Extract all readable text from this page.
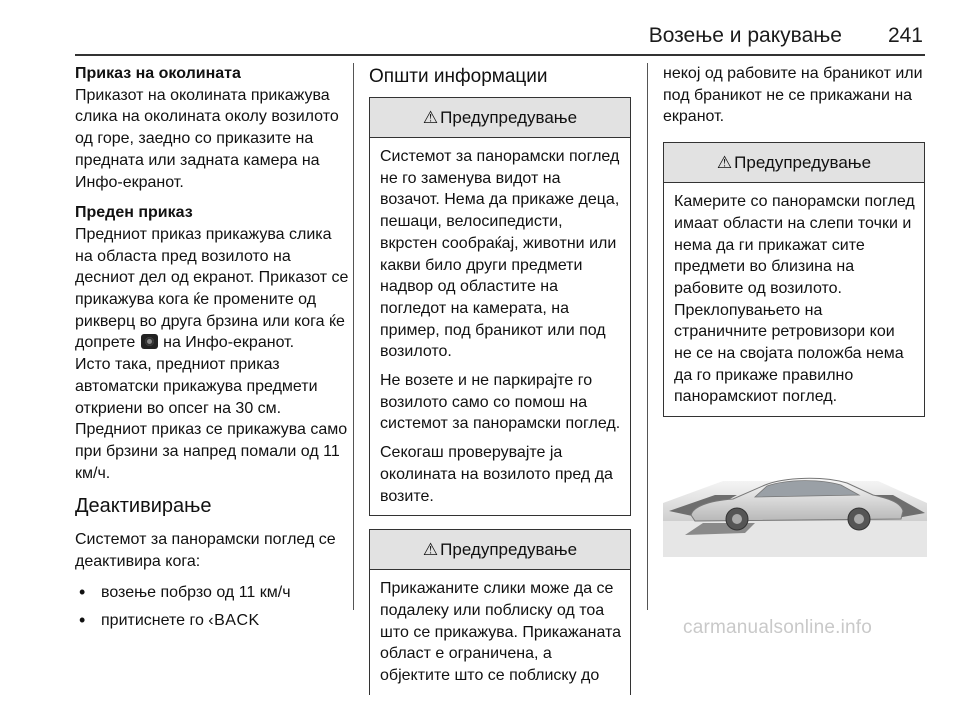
Возење и ракување 241
Приказ на околината
Приказот на околината прикажува слика на околината околу возилото од горе, заедно со приказите на предната или задната камера на Инфо-екранот.
Преден приказ
Предниот приказ прикажува слика на областа пред возилото на десниот дел од екранот. Приказот се прикажува кога ќе промените од рикверц во друга брзина или кога ќе допрете на Инфо-екранот.
Исто така, предниот приказ автоматски прикажува предмети откриени во опсег на 30 см.
Предниот приказ се прикажува само при брзини за напред помали од 11 км/ч.
Деактивирање
Системот за панорамски поглед се деактивира кога:
• возење побрзо од 11 км/ч
• притиснете го ‹BACK
Општи информации
⚠ Предупредување
Системот за панорамски поглед не го заменува видот на возачот. Нема да прикаже деца, пешаци, велосипедисти, вкрстен сообраќај, животни или какви било други предмети надвор од областите на погледот на камерата, на пример, под браникот или под возилото.
Не возете и не паркирајте го возилото само со помош на системот за панорамски поглед.
Секогаш проверувајте ја околината на возилото пред да возите.
⚠ Предупредување
Прикажаните слики може да се подалеку или поблиску од тоа што се прикажува. Прикажаната област е ограничена, а објектите што се поблиску до
некој од рабовите на браникот или под браникот не се прикажани на екранот.
⚠ Предупредување
Камерите со панорамски поглед имаат области на слепи точки и нема да ги прикажат сите предмети во близина на рабовите од возилото.
Преклопувањето на страничните ретровизори кои не се на својата положба нема да го прикаже правилно панорамскиот поглед.
carmanualsonline.info
